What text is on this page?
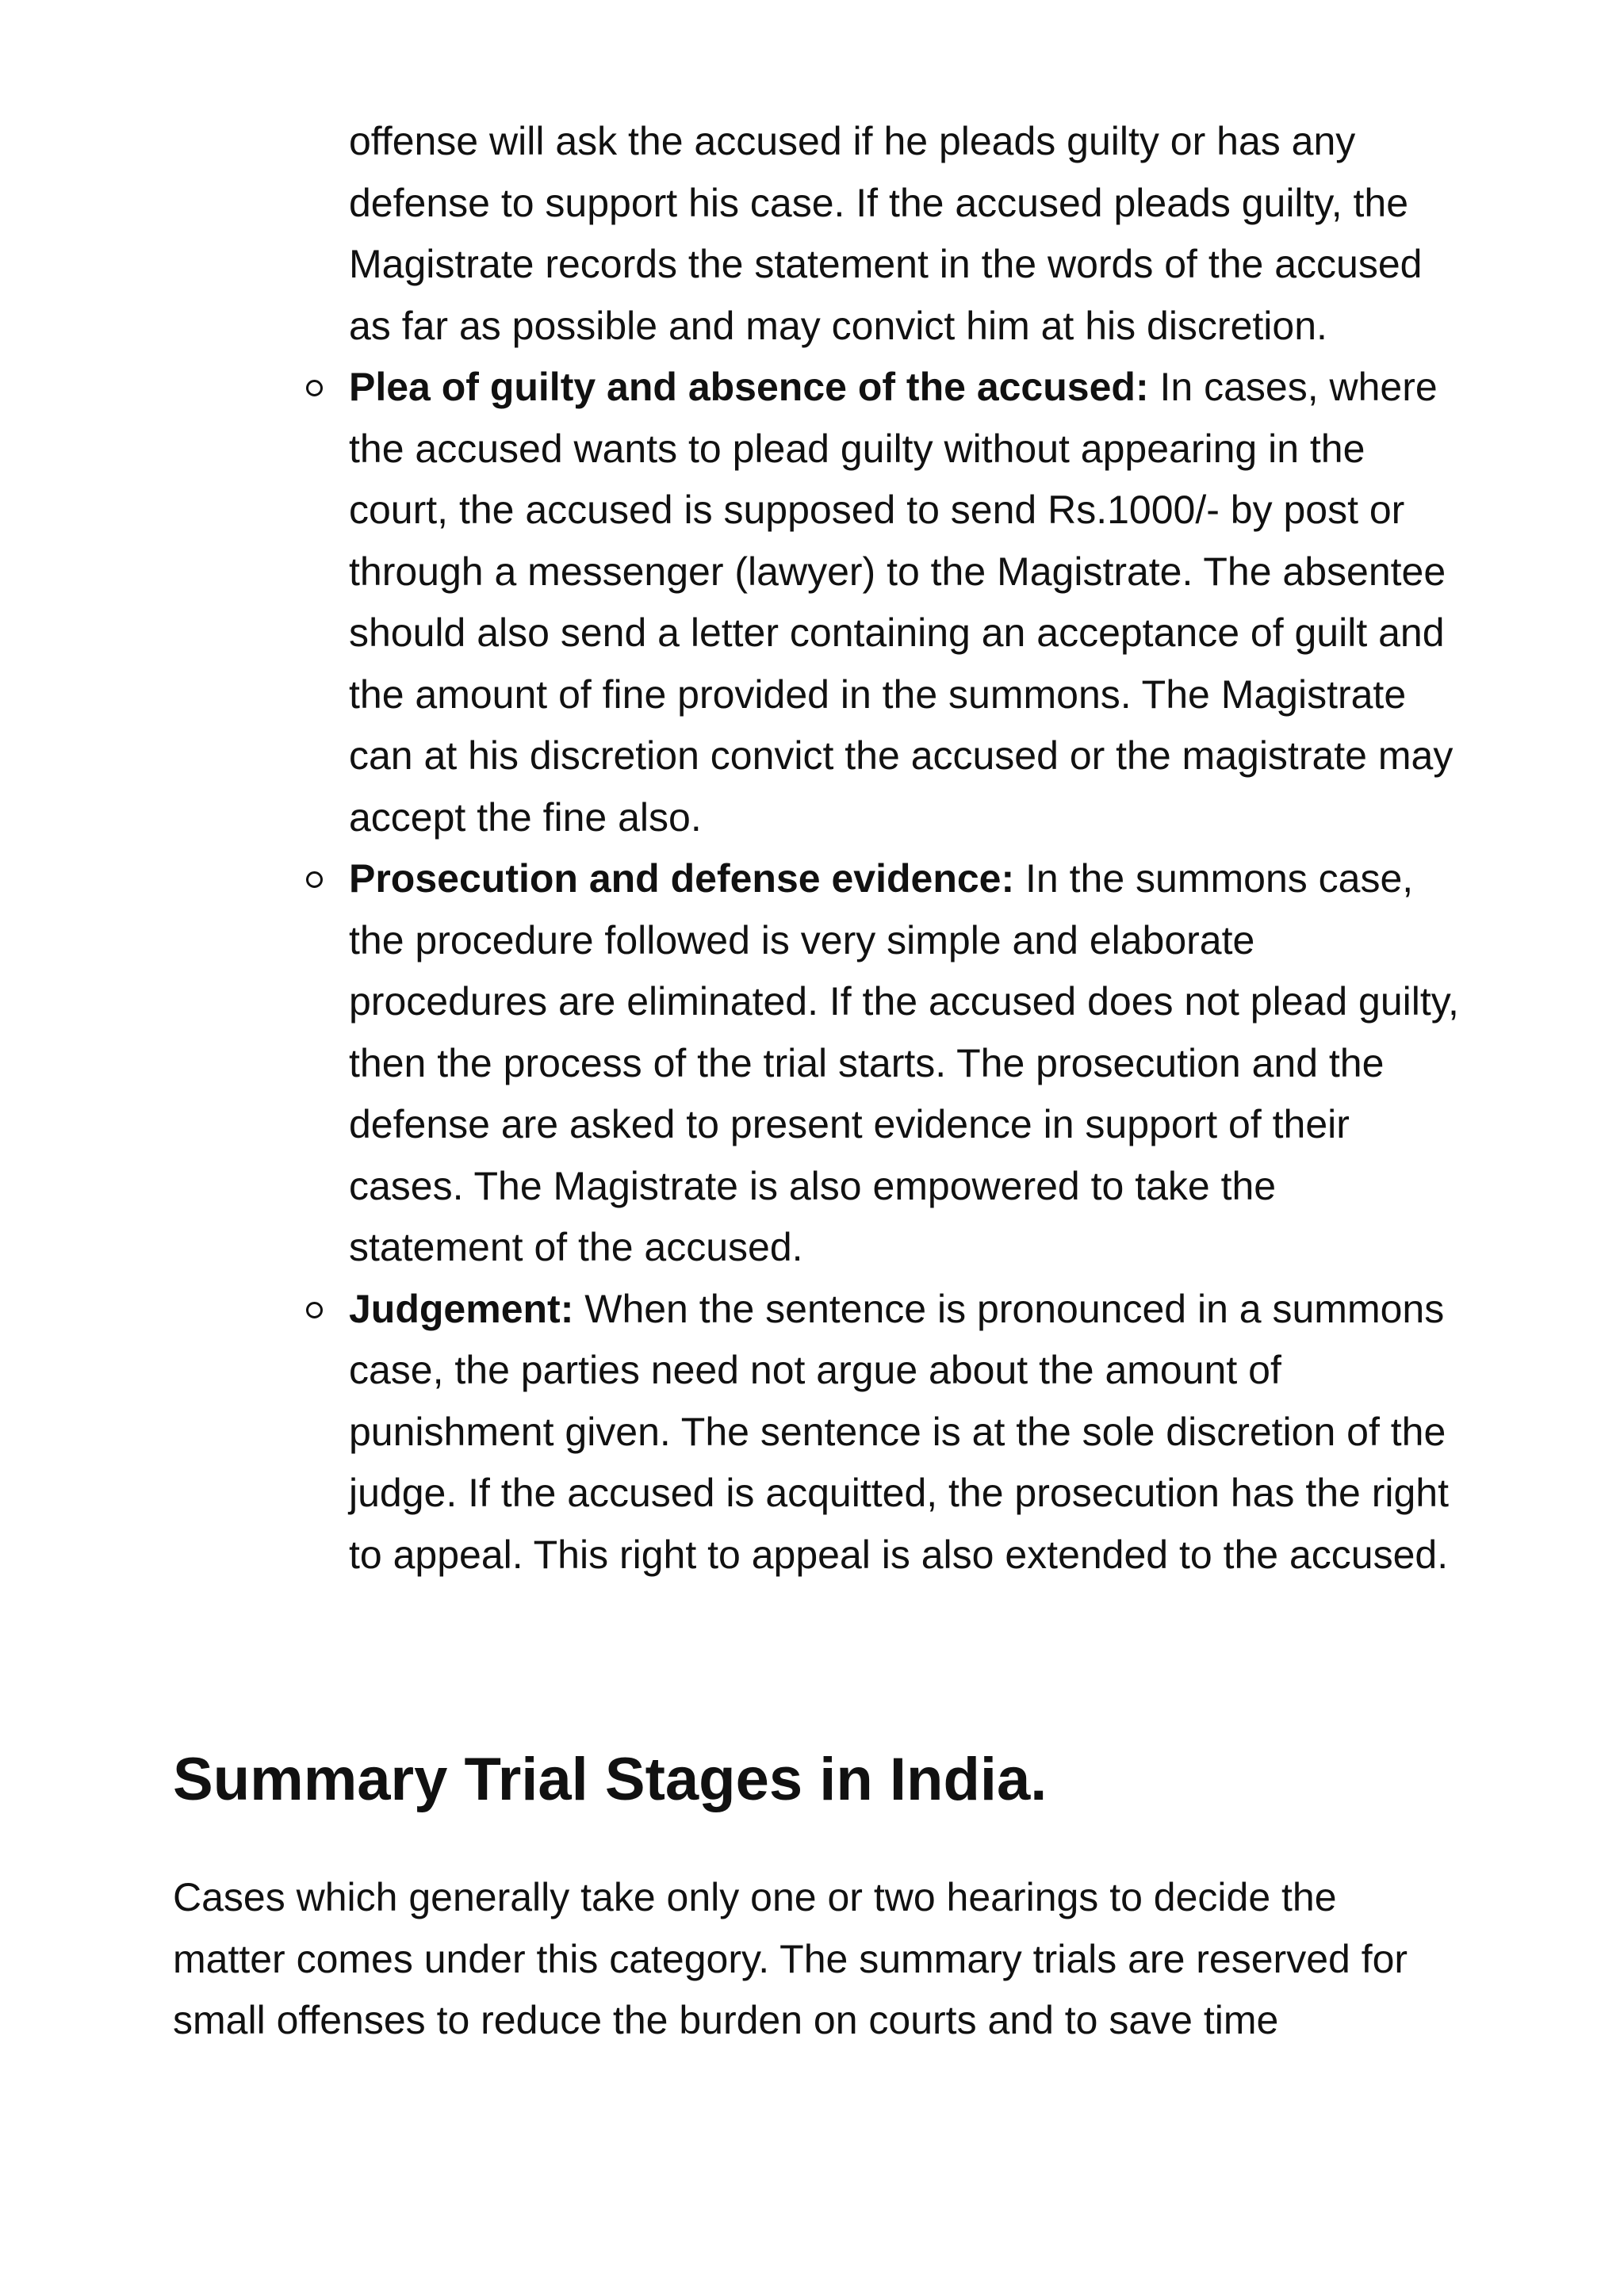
offense will ask the accused if he pleads guilty or has any defense to support his case. If the accused pleads guilty, the Magistrate records the statement in the words of the accused as far as possible and may convict him at his discretion.

Plea of guilty and absence of the accused: In cases, where the accused wants to plead guilty without appearing in the court, the accused is supposed to send Rs.1000/- by post or through a messenger (lawyer) to the Magistrate. The absentee should also send a letter containing an acceptance of guilt and the amount of fine provided in the summons. The Magistrate can at his discretion convict the accused or the magistrate may accept the fine also.
Prosecution and defense evidence: In the summons case, the procedure followed is very simple and elaborate procedures are eliminated. If the accused does not plead guilty, then the process of the trial starts. The prosecution and the defense are asked to present evidence in support of their cases. The Magistrate is also empowered to take the statement of the accused.
Judgement: When the sentence is pronounced in a summons case, the parties need not argue about the amount of punishment given. The sentence is at the sole discretion of the judge. If the accused is acquitted, the prosecution has the right to appeal. This right to appeal is also extended to the accused.
Summary Trial Stages in India.

Cases which generally take only one or two hearings to decide the matter comes under this category. The summary trials are reserved for small offenses to reduce the burden on courts and to save time
